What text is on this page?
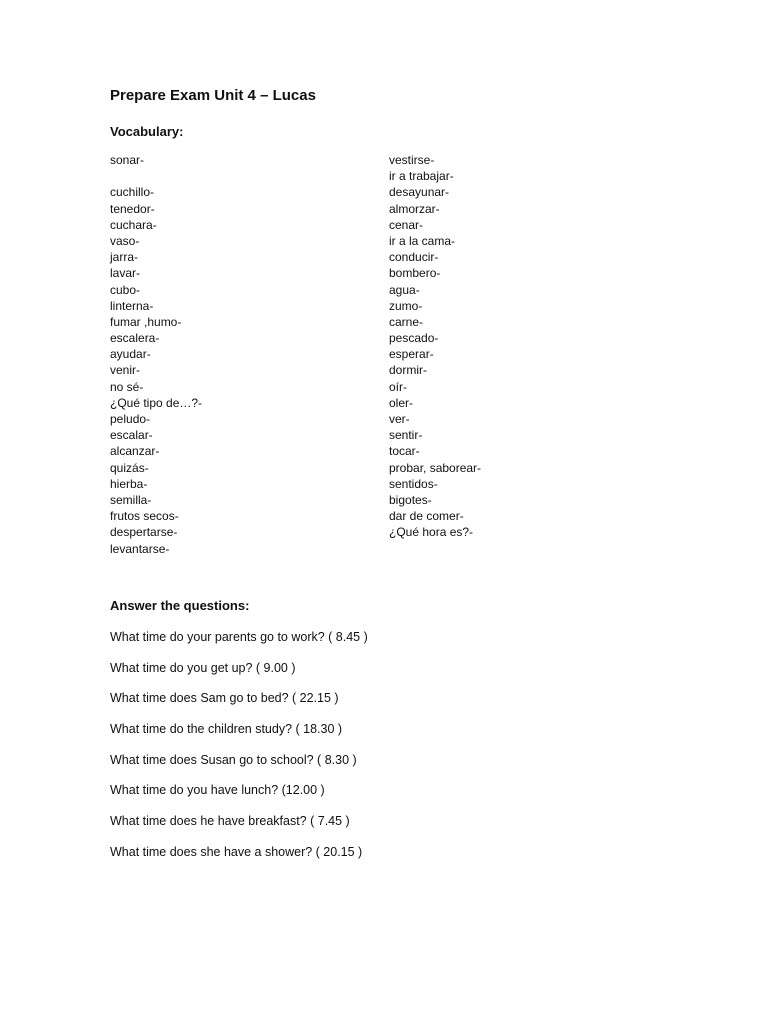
Prepare Exam Unit 4 – Lucas
Vocabulary:
sonar-
cuchillo-
tenedor-
cuchara-
vaso-
jarra-
lavar-
cubo-
linterna-
fumar ,humo-
escalera-
ayudar-
venir-
no sé-
¿Qué tipo de…?-
peludo-
escalar-
alcanzar-
quizás-
hierba-
semilla-
frutos secos-
despertarse-
levantarse-
vestirse-
ir a trabajar-
desayunar-
almorzar-
cenar-
ir a la cama-
conducir-
bombero-
agua-
zumo-
carne-
pescado-
esperar-
dormir-
oír-
oler-
ver-
sentir-
tocar-
probar, saborear-
sentidos-
bigotes-
dar de comer-
¿Qué hora es?-
Answer the questions:
What time do your parents go to work? ( 8.45 )
What time do you get up? ( 9.00 )
What time does Sam go to bed? ( 22.15 )
What time do the children study? ( 18.30 )
What time does Susan go to school? ( 8.30 )
What time do you have lunch? (12.00 )
What time does he have breakfast? ( 7.45 )
What time does she have a shower? ( 20.15 )
